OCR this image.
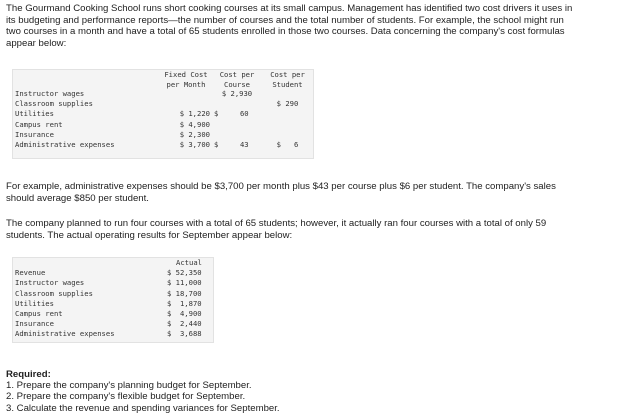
The Gourmand Cooking School runs short cooking courses at its small campus. Management has identified two cost drivers it uses in
its budgeting and performance reports—the number of courses and the total number of students. For example, the school might run
two courses in a month and have a total of 65 students enrolled in those two courses. Data concerning the company's cost formulas
appear below:
	Fixed Cost	Cost per	Cost per
	per Month	Course	Student
Instructor wages		$ 2,930	
Classroom supplies			$ 290
Utilities	$ 1,220	$     60	
Campus rent	$ 4,900		
Insurance	$ 2,300		
Administrative expenses	$ 3,700	$     43	$   6
For example, administrative expenses should be $3,700 per month plus $43 per course plus $6 per student. The company's sales
should average $850 per student.
The company planned to run four courses with a total of 65 students; however, it actually ran four courses with a total of only 59
students. The actual operating results for September appear below:
	Actual
Revenue	$ 52,350
Instructor wages	$ 11,000
Classroom supplies	$ 18,700
Utilities	$  1,870
Campus rent	$  4,900
Insurance	$  2,440
Administrative expenses	$  3,688
Required:
1. Prepare the company's planning budget for September.
2. Prepare the company's flexible budget for September.
3. Calculate the revenue and spending variances for September.
